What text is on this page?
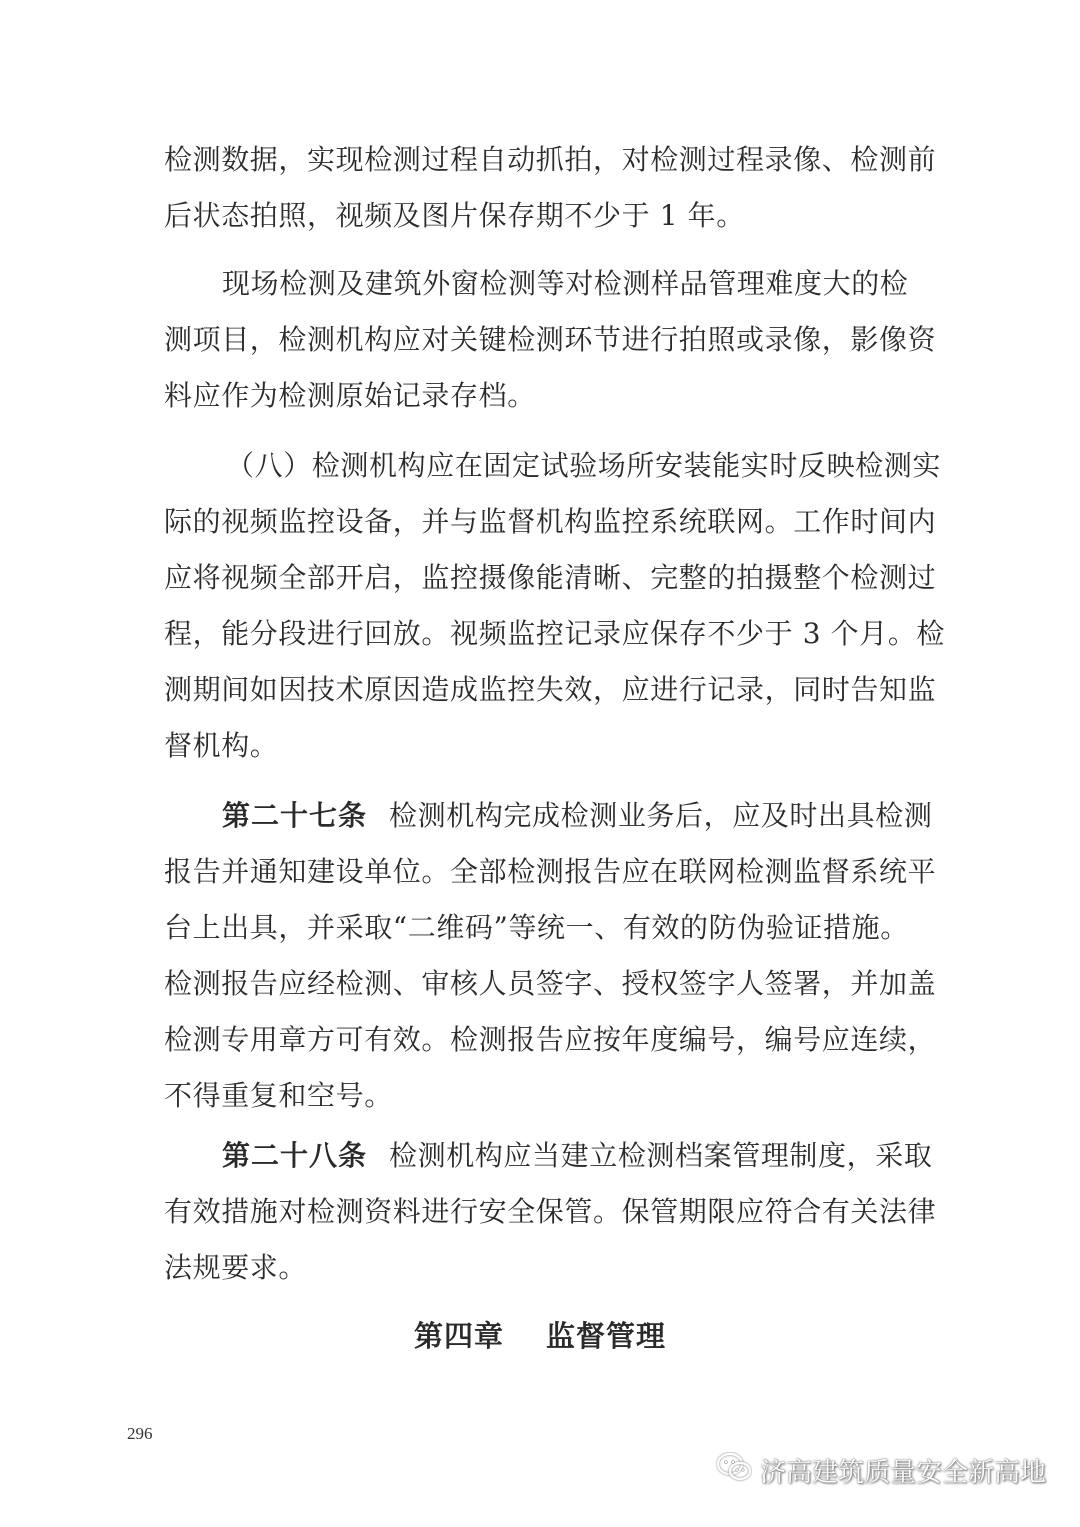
检测数据，实现检测过程自动抓拍，对检测过程录像、检测前
后状态拍照，视频及图片保存期不少于 1 年。
现场检测及建筑外窗检测等对检测样品管理难度大的检
测项目，检测机构应对关键检测环节进行拍照或录像，影像资
料应作为检测原始记录存档。
（八）检测机构应在固定试验场所安装能实时反映检测实
际的视频监控设备，并与监督机构监控系统联网。工作时间内
应将视频全部开启，监控摄像能清晰、完整的拍摄整个检测过
程，能分段进行回放。视频监控记录应保存不少于 3 个月。检
测期间如因技术原因造成监控失效，应进行记录，同时告知监
督机构。
第二十七条 检测机构完成检测业务后，应及时出具检测
报告并通知建设单位。全部检测报告应在联网检测监督系统平
台上出具，并采取“二维码”等统一、有效的防伪验证措施。
检测报告应经检测、审核人员签字、授权签字人签署，并加盖
检测专用章方可有效。检测报告应按年度编号，编号应连续，
不得重复和空号。
第二十八条 检测机构应当建立检测档案管理制度，采取
有效措施对检测资料进行安全保管。保管期限应符合有关法律
法规要求。
第四章 监督管理
296
济高建筑质量安全新高地
